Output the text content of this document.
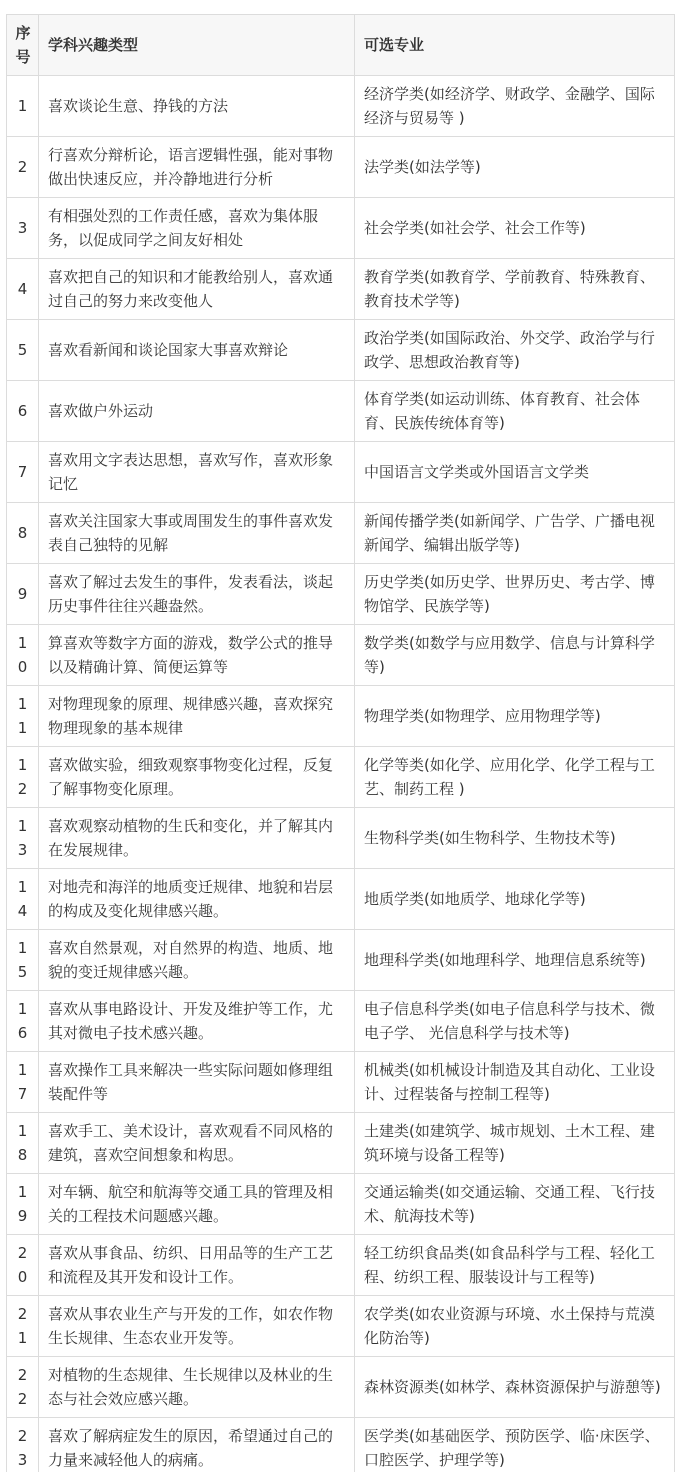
序号	学科兴趣类型	可选专业
1	喜欢谈论生意、挣钱的方法	经济学类(如经济学、财政学、金融学、国际经济与贸易等 )
2	行喜欢分辩析论，语言逻辑性强，能对事物做出快速反应，并冷静地进行分析	法学类(如法学等)
3	有相强处烈的工作责任感，喜欢为集体服务，以促成同学之间友好相处	社会学类(如社会学、社会工作等)
4	喜欢把自己的知识和才能教给别人，喜欢通过自己的努力来改变他人	教育学类(如教育学、学前教育、特殊教育、教育技术学等)
5	喜欢看新闻和谈论国家大事喜欢辩论	政治学类(如国际政治、外交学、政治学与行政学、思想政治教育等)
6	喜欢做户外运动	体育学类(如运动训练、体育教育、社会体育、民族传统体育等)
7	喜欢用文字表达思想，喜欢写作，喜欢形象记忆	中国语言文学类或外国语言文学类
8	喜欢关注国家大事或周围发生的事件喜欢发表自己独特的见解	新闻传播学类(如新闻学、广告学、广播电视新闻学、编辑出版学等)
9	喜欢了解过去发生的事件，发表看法，谈起历史事件往往兴趣盎然。	历史学类(如历史学、世界历史、考古学、博物馆学、民族学等)
10	算喜欢等数字方面的游戏，数学公式的推导以及精确计算、简便运算等	数学类(如数学与应用数学、信息与计算科学等)
11	对物理现象的原理、规律感兴趣，喜欢探究物理现象的基本规律	物理学类(如物理学、应用物理学等)
12	喜欢做实验，细致观察事物变化过程，反复了解事物变化原理。	化学等类(如化学、应用化学、化学工程与工艺、制药工程 )
13	喜欢观察动植物的生氏和变化，并了解其内在发展规律。	生物科学类(如生物科学、生物技术等)
14	对地壳和海洋的地质变迁规律、地貌和岩层的构成及变化规律感兴趣。	地质学类(如地质学、地球化学等)
15	喜欢自然景观，对自然界的构造、地质、地貌的变迁规律感兴趣。	地理科学类(如地理科学、地理信息系统等)
16	喜欢从事电路设计、开发及维护等工作，尤其对微电子技术感兴趣。	电子信息科学类(如电子信息科学与技术、微电子学、 光信息科学与技术等)
17	喜欢操作工具来解决一些实际问题如修理组装配件等	机械类(如机械设计制造及其自动化、工业设计、过程装备与控制工程等)
18	喜欢手工、美术设计，喜欢观看不同风格的建筑，喜欢空间想象和构思。	土建类(如建筑学、城市规划、土木工程、建筑环境与设备工程等)
19	对车辆、航空和航海等交通工具的管理及相关的工程技术问题感兴趣。	交通运输类(如交通运输、交通工程、飞行技术、航海技术等)
20	喜欢从事食品、纺织、日用品等的生产工艺和流程及其开发和设计工作。	轻工纺织食品类(如食品科学与工程、轻化工程、纺织工程、服装设计与工程等)
21	喜欢从事农业生产与开发的工作，如农作物生长规律、生态农业开发等。	农学类(如农业资源与环境、水土保持与荒漠化防治等)
22	对植物的生态规律、生长规律以及林业的生态与社会效应感兴趣。	森林资源类(如林学、森林资源保护与游憩等)
23	喜欢了解病症发生的原因，希望通过自己的力量来减轻他人的病痛。	医学类(如基础医学、预防医学、临·床医学、口腔医学、护理学等)
